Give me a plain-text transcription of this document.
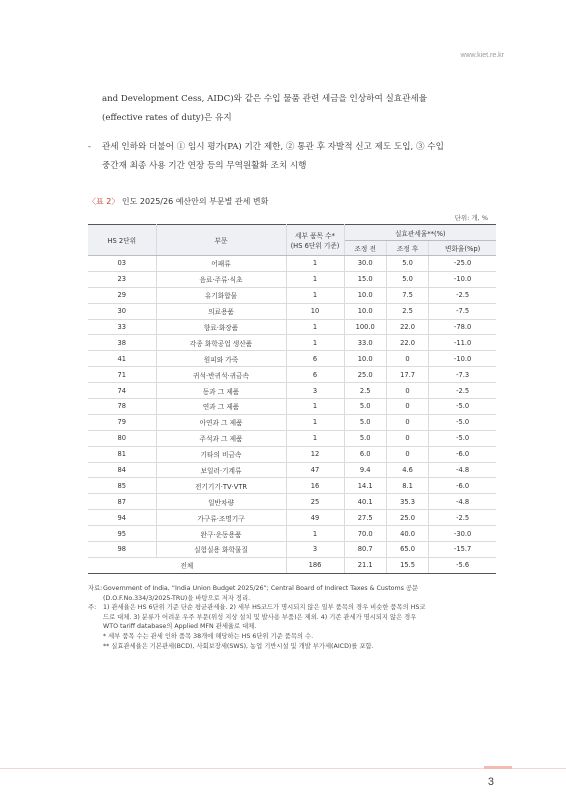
www.kiet.re.kr
and Development Cess, AIDC)와 같은 수입 물품 관련 세금을 인상하여 실효관세율
(effective rates of duty)은 유지
- 관세 인하와 더불어 ① 임시 평가(PA) 기간 제한, ② 통관 후 자발적 신고 제도 도입, ③ 수입
중간재 최종 사용 기간 연장 등의 무역원활화 조치 시행
〈표 2〉 인도 2025/26 예산안의 부문별 관세 변화
단위: 개, %
HS 2단위	부문	세부 품목 수*
(HS 6단위 기준)	실효관세율**(%)		
			조정 전	조정 후	변화율(%p)
03	어패류	1	30.0	5.0	-25.0
23	음료·주류·식초	1	15.0	5.0	-10.0
29	유기화합물	1	10.0	7.5	-2.5
30	의료용품	10	10.0	2.5	-7.5
33	향료·화장품	1	100.0	22.0	-78.0
38	각종 화학공업 생산품	1	33.0	22.0	-11.0
41	원피와 가죽	6	10.0	0	-10.0
71	귀석·반귀석·귀금속	6	25.0	17.7	-7.3
74	동과 그 제품	3	2.5	0	-2.5
78	연과 그 제품	1	5.0	0	-5.0
79	아연과 그 제품	1	5.0	0	-5.0
80	주석과 그 제품	1	5.0	0	-5.0
81	기타의 비금속	12	6.0	0	-6.0
84	보일러·기계류	47	9.4	4.6	-4.8
85	전기기기·TV·VTR	16	14.1	8.1	-6.0
87	일반차량	25	40.1	35.3	-4.8
94	가구류·조명기구	49	27.5	25.0	-2.5
95	완구·운동용품	1	70.0	40.0	-30.0
98	실험실용 화학물질	3	80.7	65.0	-15.7
전체		186	21.1	15.5	-5.6
자료: Government of India, “India Union Budget 2025/26”; Central Board of Indirect Taxes & Customs 공문
(D.O.F.No.334/3/2025-TRU)을 바탕으로 저자 정리.
주:	1) 관세율은 HS 6단위 기준 단순 평균관세율. 2) 세부 HS코드가 명시되지 않은 일부 품목의 경우 비슷한 품목의 HS코
드로 대체. 3) 분류가 어려운 우주 부문(위성 지상 설치 및 발사용 부품)은 제외. 4) 기존 관세가 명시되지 않은 경우
WTO tariff database의 Applied MFN 관세율로 대체.
* 세부 품목 수는 관세 인하 품목 38개에 해당하는 HS 6단위 기준 품목의 수.
** 실효관세율은 기본관세(BCD), 사회보장세(SWS), 농업 기반시설 및 개발 부가세(AICD)를 포함.
3
